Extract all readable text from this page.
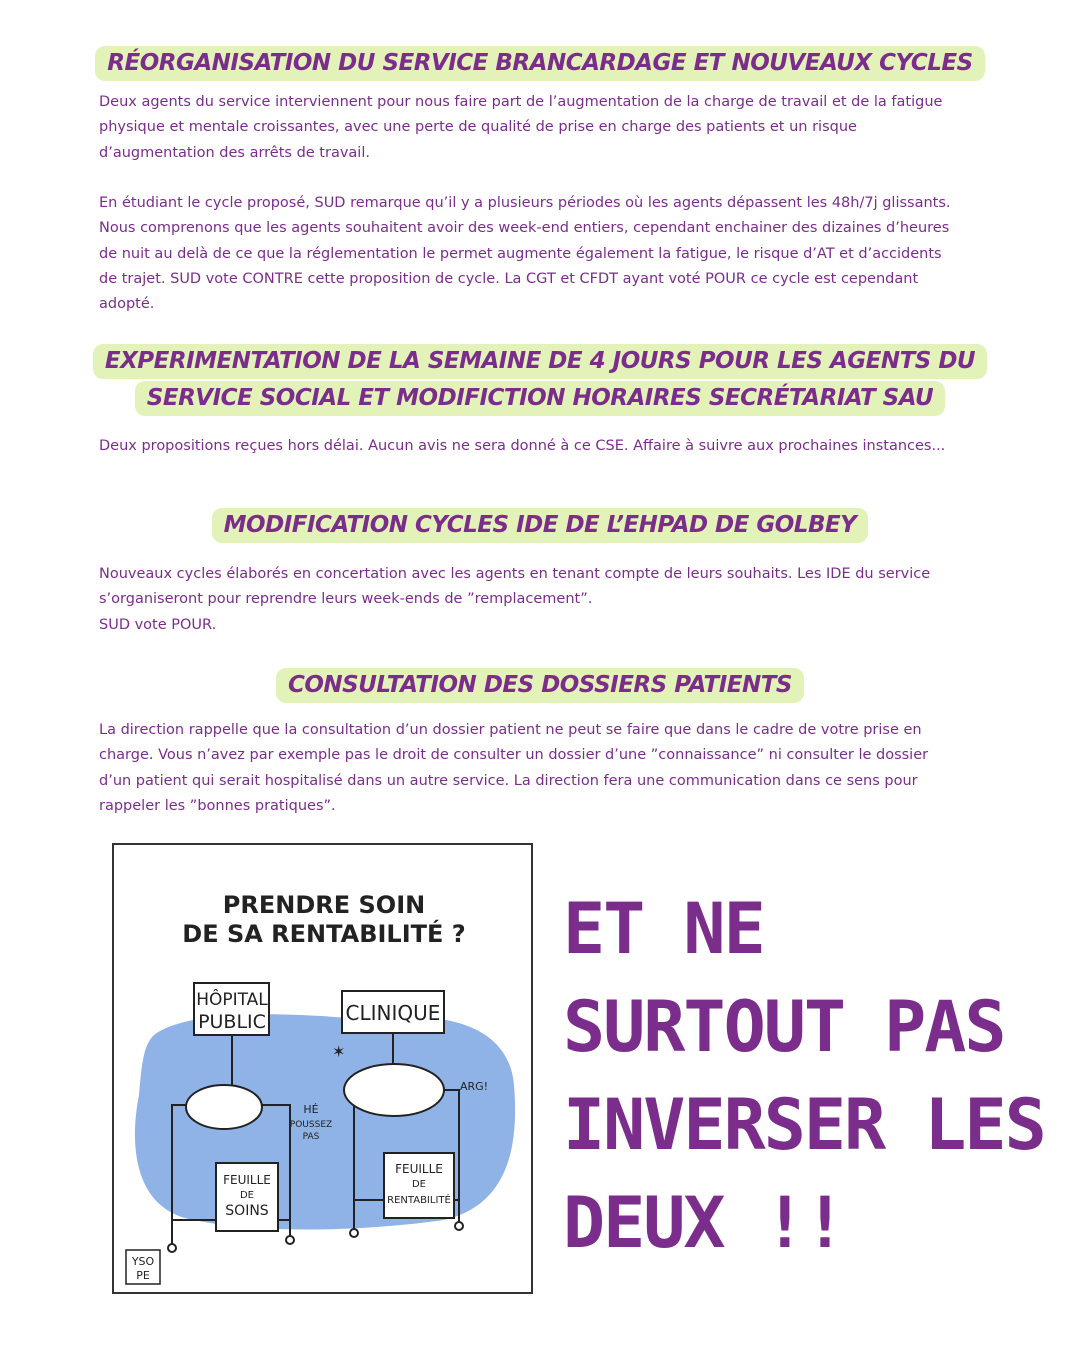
RÉORGANISATION DU SERVICE BRANCARDAGE ET NOUVEAUX CYCLES

Deux agents du service interviennent pour nous faire part de l’augmentation de la charge de travail et de la fatigue physique et mentale croissantes, avec une perte de qualité de prise en charge des patients et un risque d’augmentation des arrêts de travail.

En étudiant le cycle proposé, SUD remarque qu’il y a plusieurs périodes où les agents dépassent les 48h/7j glissants. Nous comprenons que les agents souhaitent avoir des week-end entiers, cependant enchainer des dizaines d’heures de nuit au delà de ce que la réglementation le permet augmente également la fatigue, le risque d’AT et d’accidents de trajet. SUD vote CONTRE cette proposition de cycle. La CGT et CFDT ayant voté POUR ce cycle est cependant adopté.

EXPERIMENTATION DE LA SEMAINE DE 4 JOURS POUR LES AGENTS DU
SERVICE SOCIAL ET MODIFICTION HORAIRES SECRÉTARIAT SAU

Deux propositions reçues hors délai. Aucun avis ne sera donné à ce CSE. Affaire à suivre aux prochaines instances...

MODIFICATION CYCLES IDE DE L’EHPAD DE GOLBEY

Nouveaux cycles élaborés en concertation avec les agents en tenant compte de leurs souhaits. Les IDE du service s’organiseront pour reprendre leurs week-ends de ”remplacement”.

SUD vote POUR.

CONSULTATION DES DOSSIERS PATIENTS

La direction rappelle que la consultation d’un dossier patient ne peut se faire que dans le cadre de votre prise en charge. Vous n’avez par exemple pas le droit de consulter un dossier d’une ”connaissance” ni consulter le dossier d’un patient qui serait hospitalisé dans un autre service. La direction fera une communication dans ce sens pour rappeler les ”bonnes pratiques”.

PRENDRE SOIN
DE SA RENTABILITÉ ?
HÔPITAL
PUBLIC	CLINIQUE
FEUILLE
DE
SOINS
FEUILLE
DE
RENTABILITÉ
HÉ
POUSSEZ
PAS
ARG!
✶
YSO
PE
ET NE
SURTOUT PAS
INVERSER LES
DEUX !!
